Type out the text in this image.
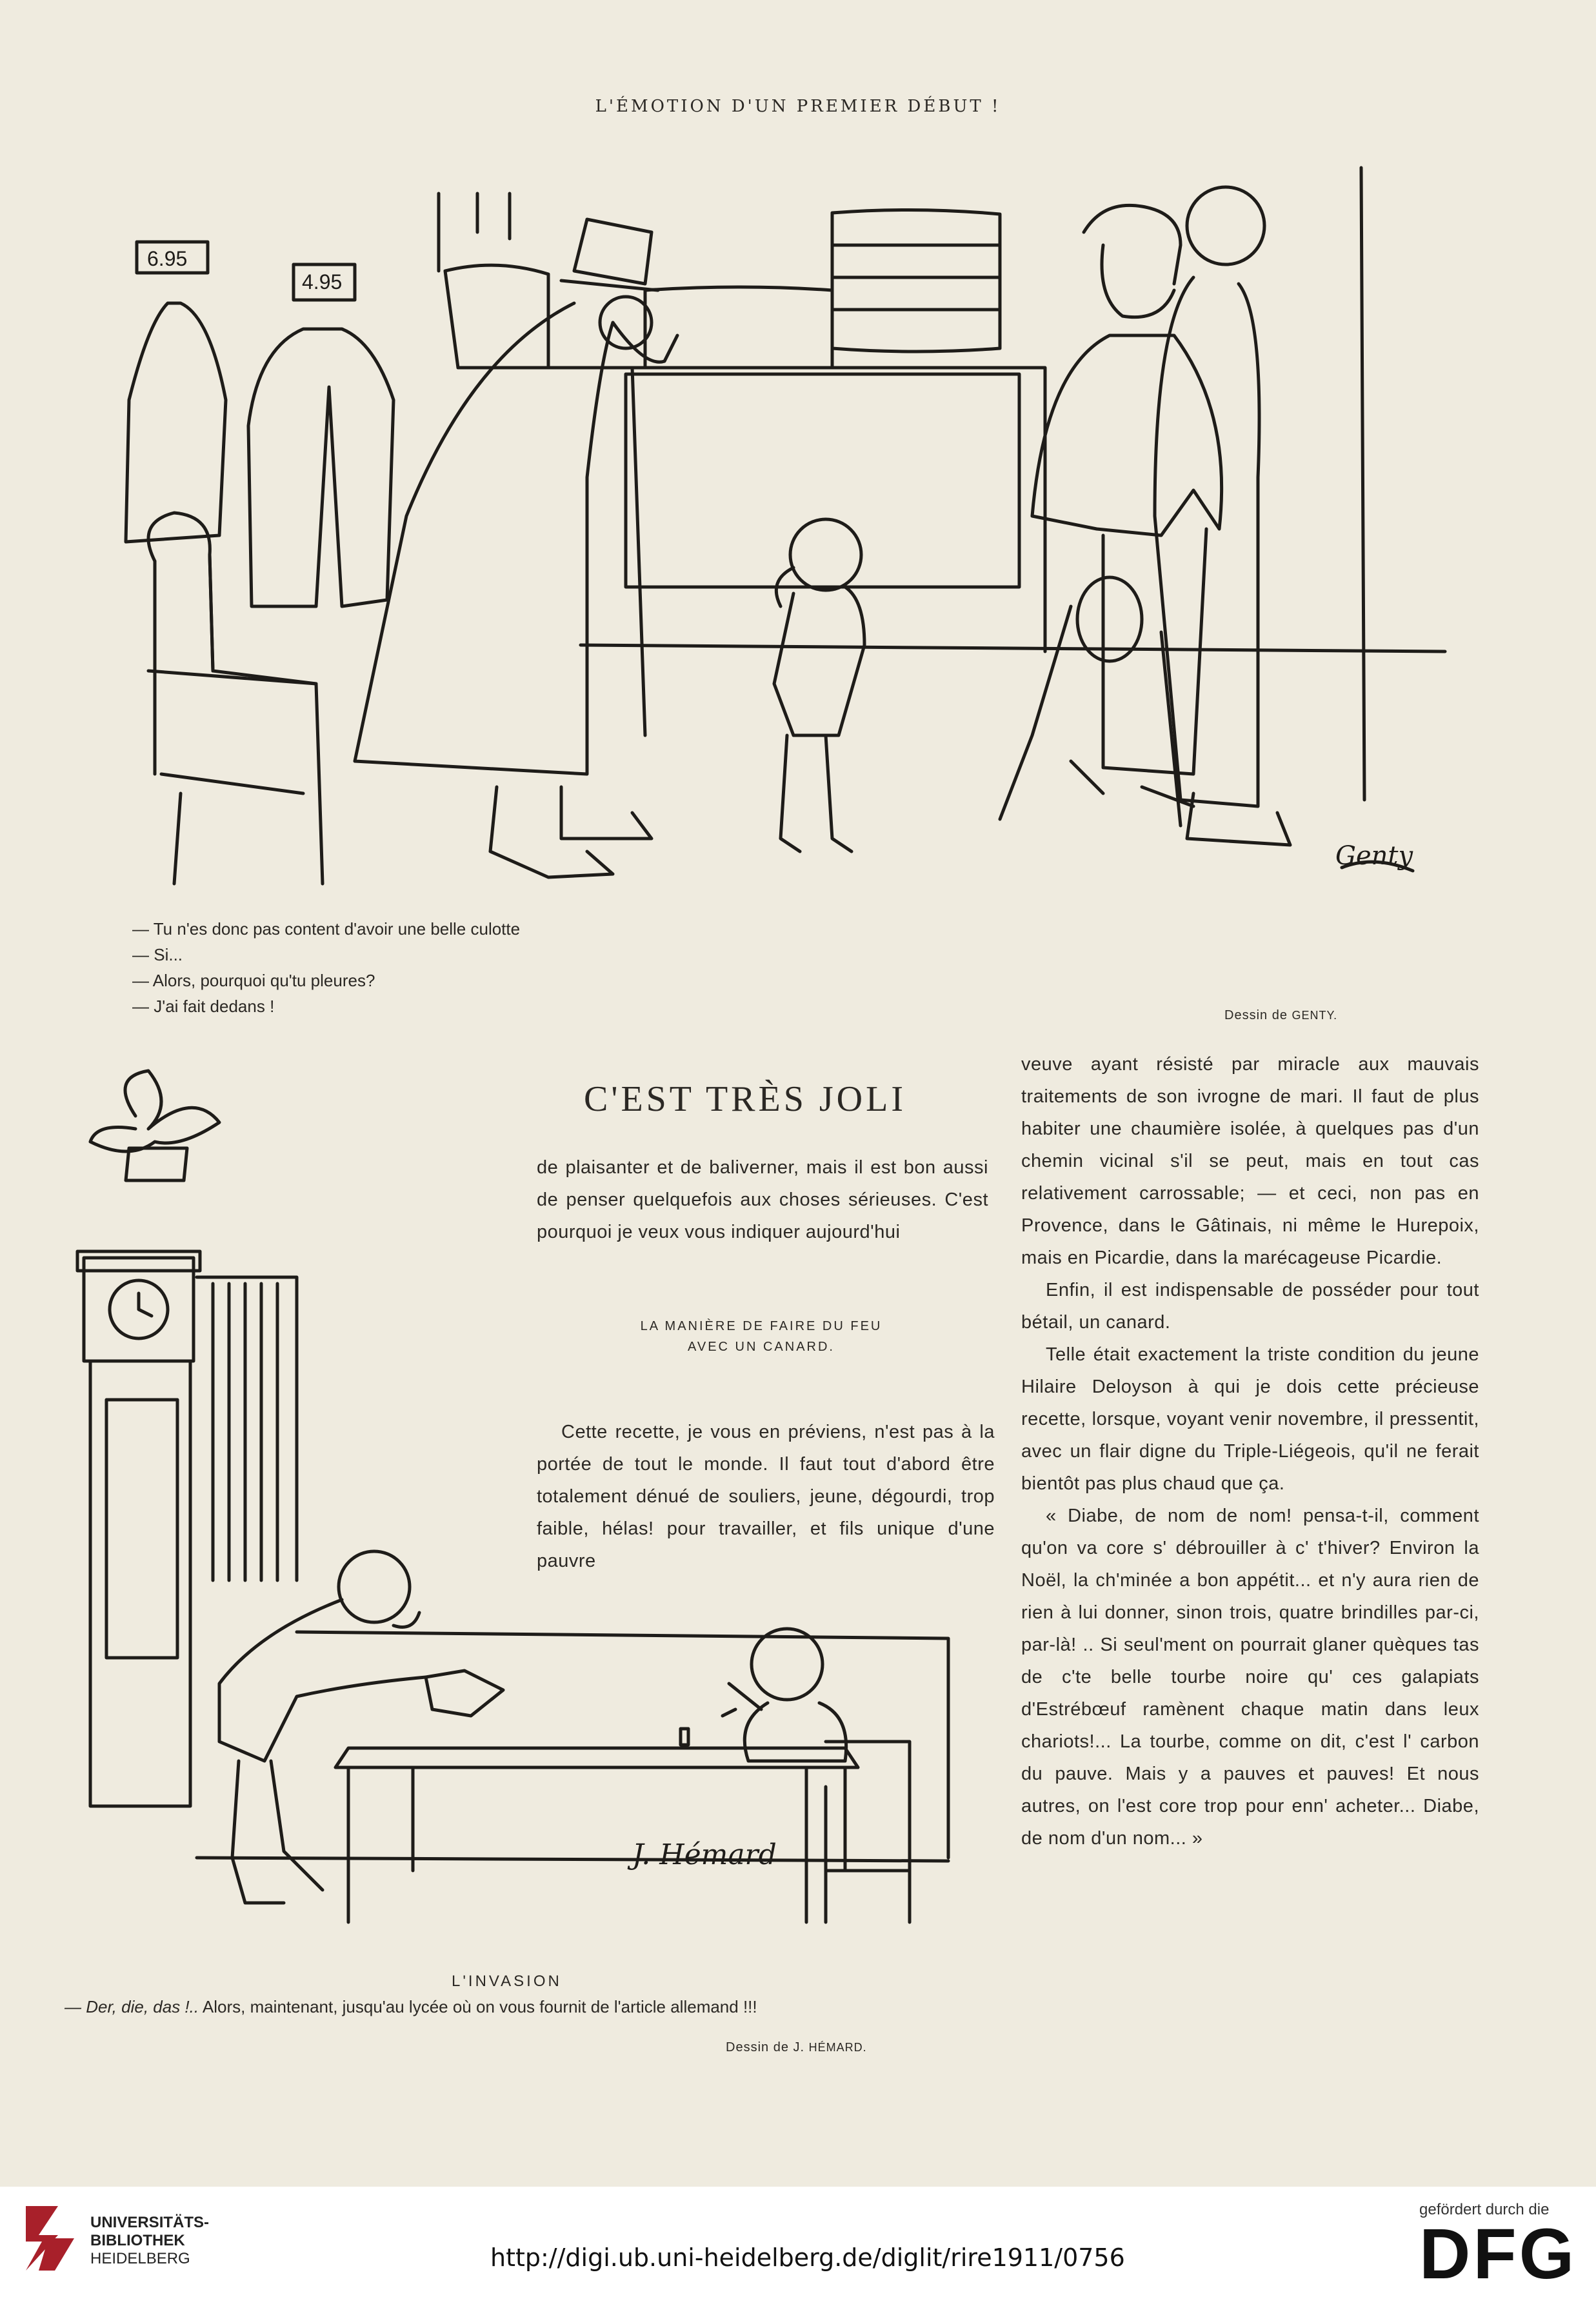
L'ÉMOTION D'UN PREMIER DÉBUT !
6.95
4.95
Genty
— Tu n'es donc pas content d'avoir une belle culotte
— Si...
— Alors, pourquoi qu'tu pleures?
— J'ai fait dedans !	Dessin de GENTY.
J. Hémard
C'EST TRÈS JOLI

de plaisanter et de baliverner, mais il est bon aussi de penser quelquefois aux choses sérieuses. C'est pourquoi je veux vous indiquer aujourd'hui

LA MANIÈRE DE FAIRE DU FEU
AVEC UN CANARD.

Cette recette, je vous en préviens, n'est pas à la portée de tout le monde. Il faut tout d'abord être totalement dénué de souliers, jeune, dégourdi, trop faible, hélas! pour travailler, et fils unique d'une pauvre

veuve ayant résisté par miracle aux mauvais traitements de son ivrogne de mari. Il faut de plus habiter une chaumière isolée, à quelques pas d'un chemin vicinal s'il se peut, mais en tout cas relativement carrossable; — et ceci, non pas en Provence, dans le Gâtinais, ni même le Hurepoix, mais en Picardie, dans la marécageuse Picardie.

Enfin, il est indispensable de posséder pour tout bétail, un canard.

Telle était exactement la triste condition du jeune Hilaire Deloyson à qui je dois cette précieuse recette, lorsque, voyant venir novembre, il pressentit, avec un flair digne du Triple-Liégeois, qu'il ne ferait bientôt pas plus chaud que ça.

« Diabe, de nom de nom! pensa-t-il, comment qu'on va core s' débrouiller à c' t'hiver? Environ la Noël, la ch'minée a bon appétit... et n'y aura rien de rien à lui donner, sinon trois, quatre brindilles par-ci, par-là! .. Si seul'ment on pourrait glaner quèques tas de c'te belle tourbe noire qu' ces galapiats d'Estrébœuf ramènent chaque matin dans leux chariots!... La tourbe, comme on dit, c'est l' carbon du pauve. Mais y a pauves et pauves! Et nous autres, on l'est core trop pour enn' acheter... Diabe, de nom d'un nom... »

L'INVASION
— Der, die, das !.. Alors, maintenant, jusqu'au lycée où on vous fournit de l'article allemand !!!
Dessin de J. HÉMARD.
UNIVERSITÄTS-
BIBLIOTHEK
HEIDELBERG	http://digi.ub.uni-heidelberg.de/diglit/rire1911/0756
gefördert durch die
DFG
